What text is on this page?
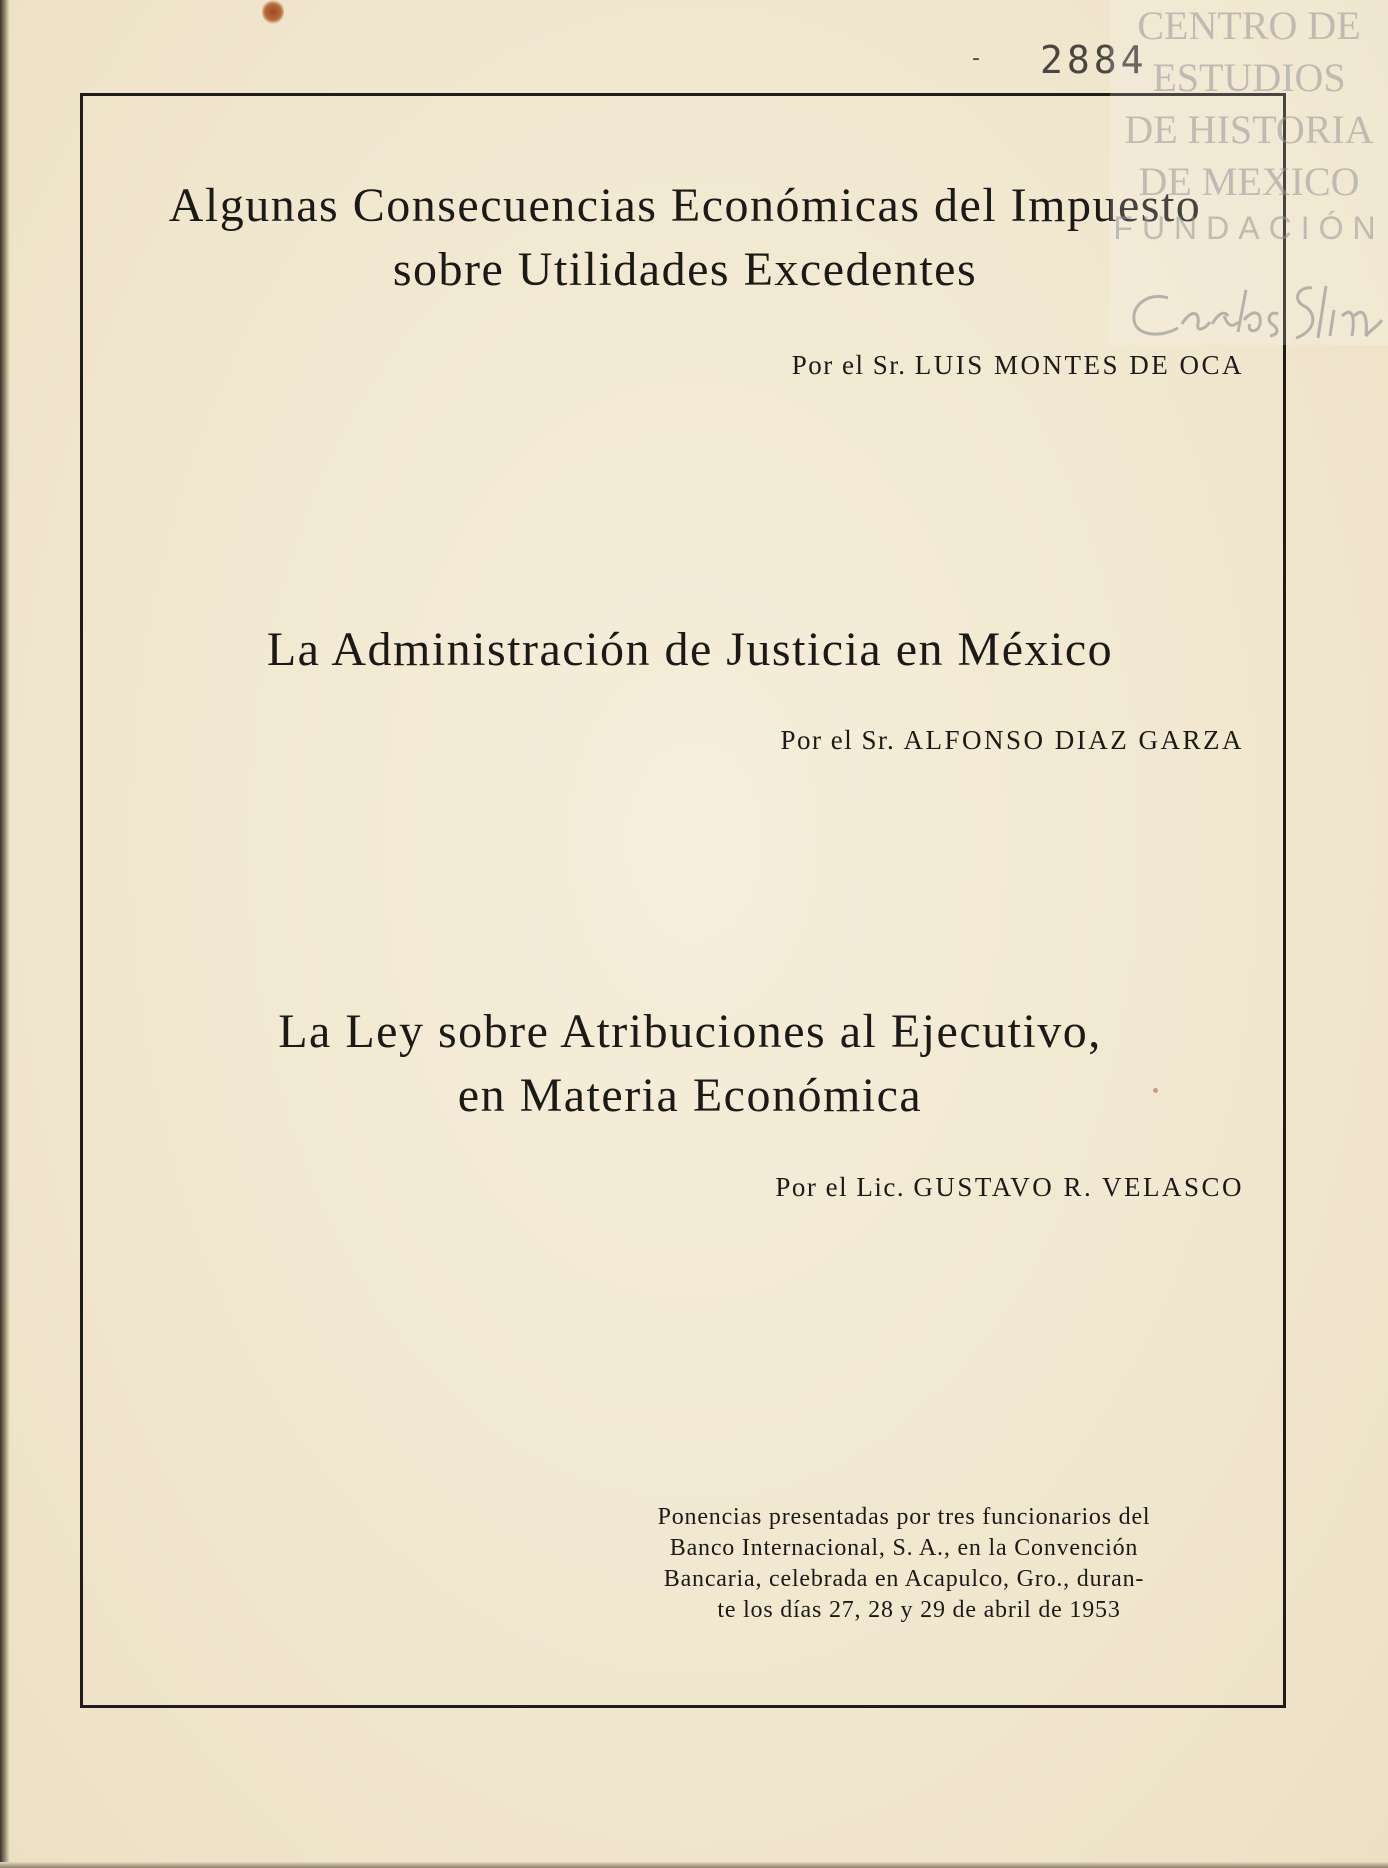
- 2884
Algunas Consecuencias Económicas del Impuesto
sobre Utilidades Excedentes
Por el Sr. LUIS MONTES DE OCA
La Administración de Justicia en México
Por el Sr. ALFONSO DIAZ GARZA
La Ley sobre Atribuciones al Ejecutivo,
en Materia Económica
Por el Lic. GUSTAVO R. VELASCO
Ponencias presentadas por tres funcionarios del
Banco Internacional, S. A., en la Convención
Bancaria, celebrada en Acapulco, Gro., duran-
te los días 27, 28 y 29 de abril de 1953
CENTRO DE
ESTUDIOS
DE HISTORIA
DE MEXICO
FUNDACIÓN
